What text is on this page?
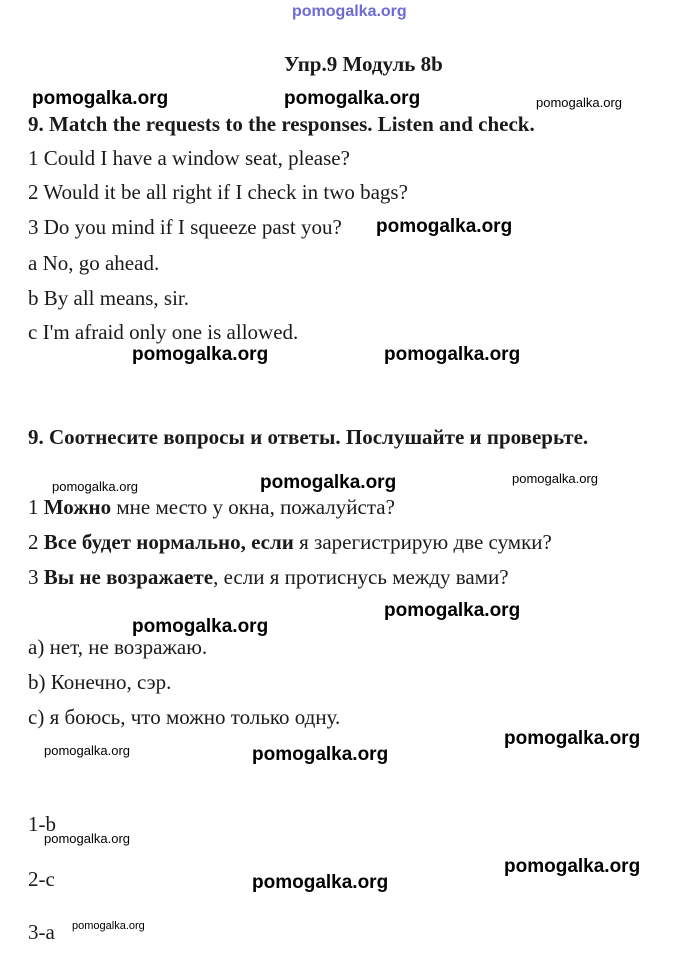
pomogalka.org
Упр.9 Модуль 8b
9. Match the requests to the responses. Listen and check.
1 Could I have a window seat, please?
2 Would it be all right if I check in two bags?
3 Do you mind if I squeeze past you?
a No, go ahead.
b By all means, sir.
c I'm afraid only one is allowed.
9. Соотнесите вопросы и ответы. Послушайте и проверьте.
1 Можно мне место у окна, пожалуйста?
2 Все будет нормально, если я зарегистрирую две сумки?
3 Вы не возражаете, если я протиснусь между вами?
а) нет, не возражаю.
b) Конечно, сэр.
с) я боюсь, что можно только одну.
1-b
2-c
3-a
pomogalka.org	pomogalka.org	pomogalka.org
pomogalka.org
pomogalka.org	pomogalka.org
pomogalka.org	pomogalka.org	pomogalka.org
pomogalka.org
pomogalka.org
pomogalka.org	pomogalka.org
pomogalka.org
pomogalka.org
pomogalka.org
pomogalka.org
pomogalka.org
